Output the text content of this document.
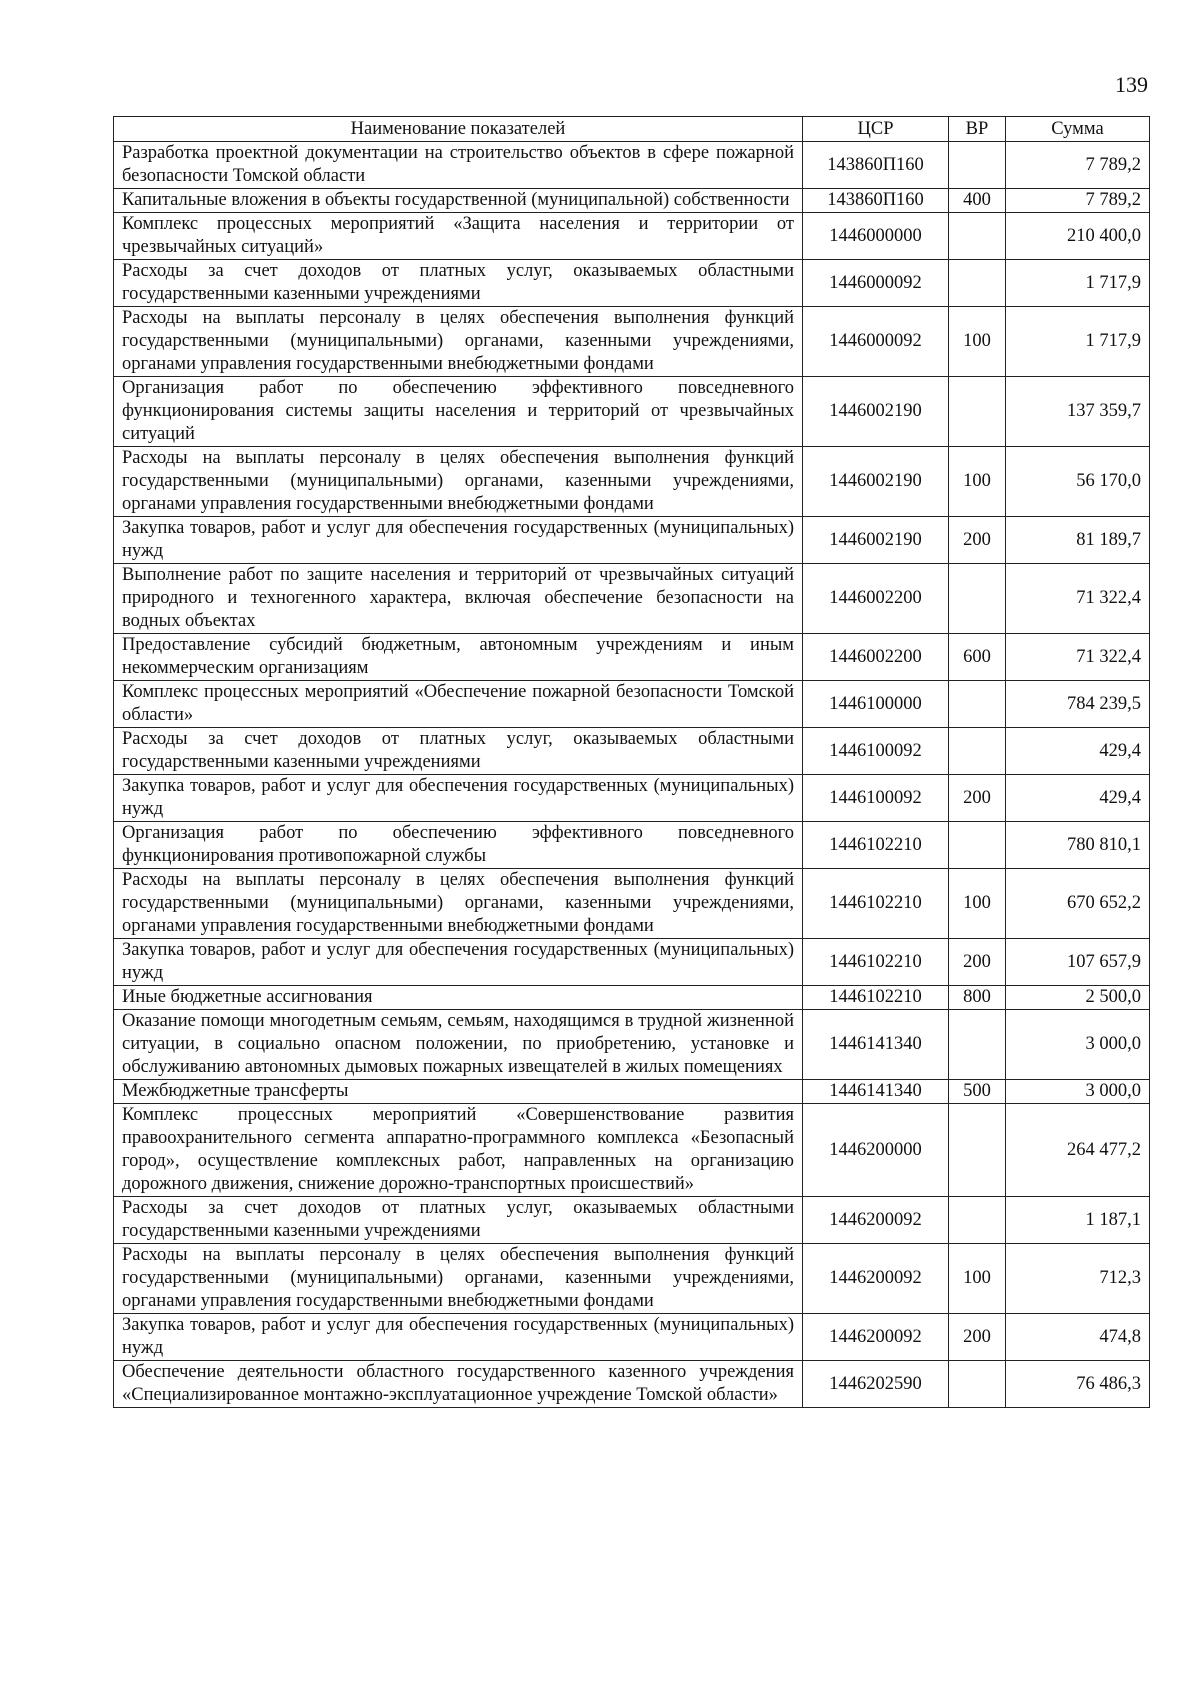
139
Наименование показателей	ЦСР	ВР	Сумма
Разработка проектной документации на строительство объектов в сфере пожарной безопасности Томской области	143860П160		7 789,2
Капитальные вложения в объекты государственной (муниципальной) собственности	143860П160	400	7 789,2
Комплекс процессных мероприятий «Защита населения и территории от чрезвычайных ситуаций»	1446000000		210 400,0
Расходы за счет доходов от платных услуг, оказываемых областными государственными казенными учреждениями	1446000092		1 717,9
Расходы на выплаты персоналу в целях обеспечения выполнения функций государственными (муниципальными) органами, казенными учреждениями, органами управления государственными внебюджетными фондами	1446000092	100	1 717,9
Организация работ по обеспечению эффективного повседневного функционирования системы защиты населения и территорий от чрезвычайных ситуаций	1446002190		137 359,7
Расходы на выплаты персоналу в целях обеспечения выполнения функций государственными (муниципальными) органами, казенными учреждениями, органами управления государственными внебюджетными фондами	1446002190	100	56 170,0
Закупка товаров, работ и услуг для обеспечения государственных (муниципальных) нужд	1446002190	200	81 189,7
Выполнение работ по защите населения и территорий от чрезвычайных ситуаций природного и техногенного характера, включая обеспечение безопасности на водных объектах	1446002200		71 322,4
Предоставление субсидий бюджетным, автономным учреждениям и иным некоммерческим организациям	1446002200	600	71 322,4
Комплекс процессных мероприятий «Обеспечение пожарной безопасности Томской области»	1446100000		784 239,5
Расходы за счет доходов от платных услуг, оказываемых областными государственными казенными учреждениями	1446100092		429,4
Закупка товаров, работ и услуг для обеспечения государственных (муниципальных) нужд	1446100092	200	429,4
Организация работ по обеспечению эффективного повседневного функционирования противопожарной службы	1446102210		780 810,1
Расходы на выплаты персоналу в целях обеспечения выполнения функций государственными (муниципальными) органами, казенными учреждениями, органами управления государственными внебюджетными фондами	1446102210	100	670 652,2
Закупка товаров, работ и услуг для обеспечения государственных (муниципальных) нужд	1446102210	200	107 657,9
Иные бюджетные ассигнования	1446102210	800	2 500,0
Оказание помощи многодетным семьям, семьям, находящимся в трудной жизненной ситуации, в социально опасном положении, по приобретению, установке и обслуживанию автономных дымовых пожарных извещателей в жилых помещениях	1446141340		3 000,0
Межбюджетные трансферты	1446141340	500	3 000,0
Комплекс процессных мероприятий «Совершенствование развития правоохранительного сегмента аппаратно-программного комплекса «Безопасный город», осуществление комплексных работ, направленных на организацию дорожного движения, снижение дорожно-транспортных происшествий»	1446200000		264 477,2
Расходы за счет доходов от платных услуг, оказываемых областными государственными казенными учреждениями	1446200092		1 187,1
Расходы на выплаты персоналу в целях обеспечения выполнения функций государственными (муниципальными) органами, казенными учреждениями, органами управления государственными внебюджетными фондами	1446200092	100	712,3
Закупка товаров, работ и услуг для обеспечения государственных (муниципальных) нужд	1446200092	200	474,8
Обеспечение деятельности областного государственного казенного учреждения «Специализированное монтажно-эксплуатационное учреждение Томской области»	1446202590		76 486,3
